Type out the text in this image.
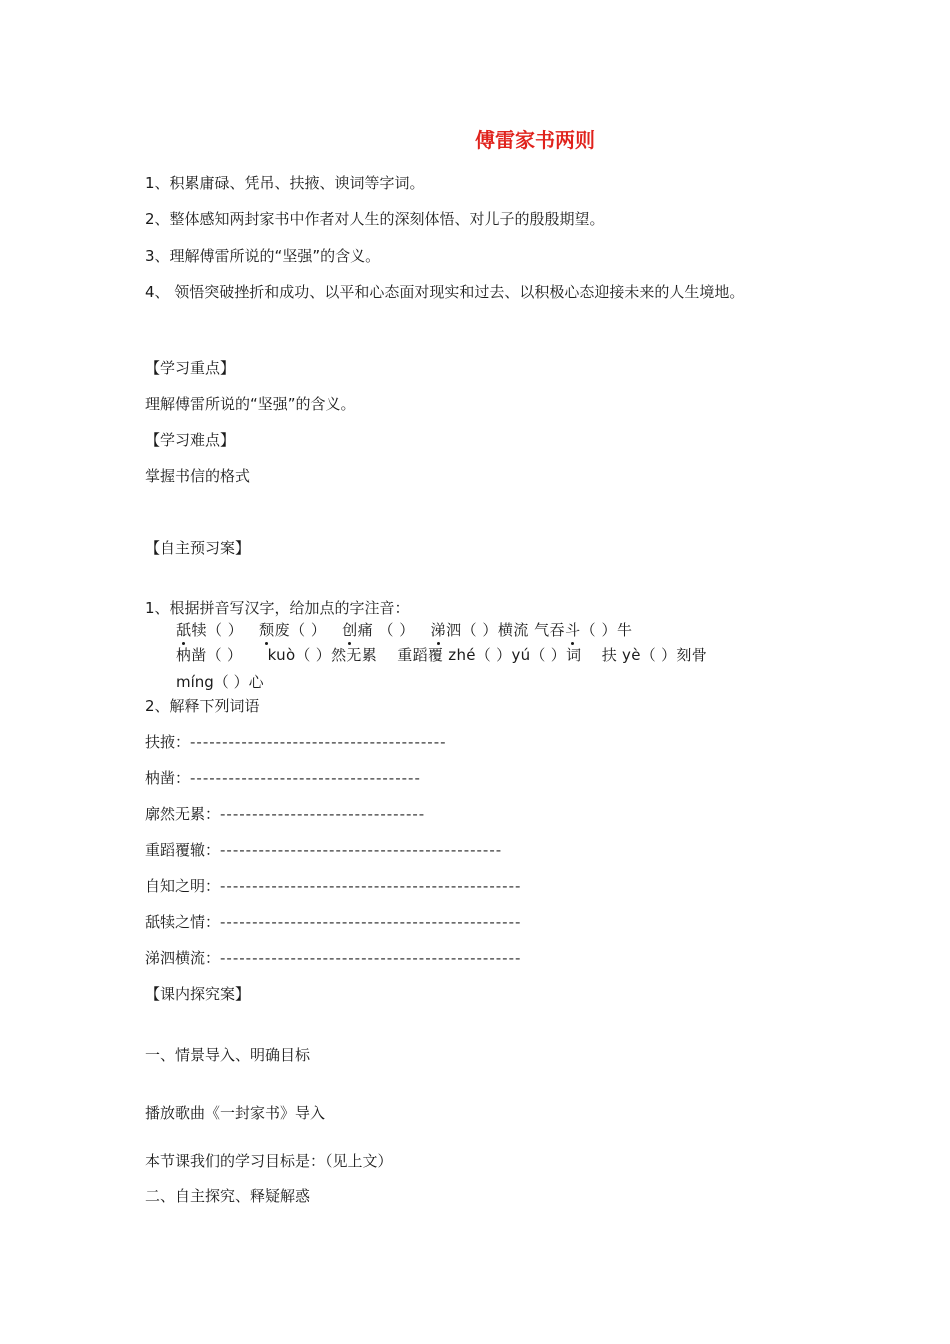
傅雷家书两则
1、积累庸碌、凭吊、扶掖、谀词等字词。
2、整体感知两封家书中作者对人生的深刻体悟、对儿子的殷殷期望。
3、理解傅雷所说的“坚强”的含义。
4、 领悟突破挫折和成功、以平和心态面对现实和过去、以积极心态迎接未来的人生境地。
【学习重点】
理解傅雷所说的“坚强”的含义。
【学习难点】
掌握书信的格式
【自主预习案】
1、根据拼音写汉字，给加点的字注音：
舐犊（ ） 颓废（ ） 创痛 （ ） 涕泗（ ）横流 气吞斗（ ）牛
枘凿（ ） kuò（ ）然无累 重蹈覆 zhé（ ）yú（ ）词 扶 yè（ ）刻骨
míng（ ）心
2、解释下列词语
扶掖：----------------------------------------
枘凿：------------------------------------
廓然无累：--------------------------------
重蹈覆辙：--------------------------------------------
自知之明：-----------------------------------------------
舐犊之情：-----------------------------------------------
涕泗横流：-----------------------------------------------
【课内探究案】
一、情景导入、明确目标
播放歌曲《一封家书》导入
本节课我们的学习目标是：（见上文）
二、自主探究、释疑解惑
